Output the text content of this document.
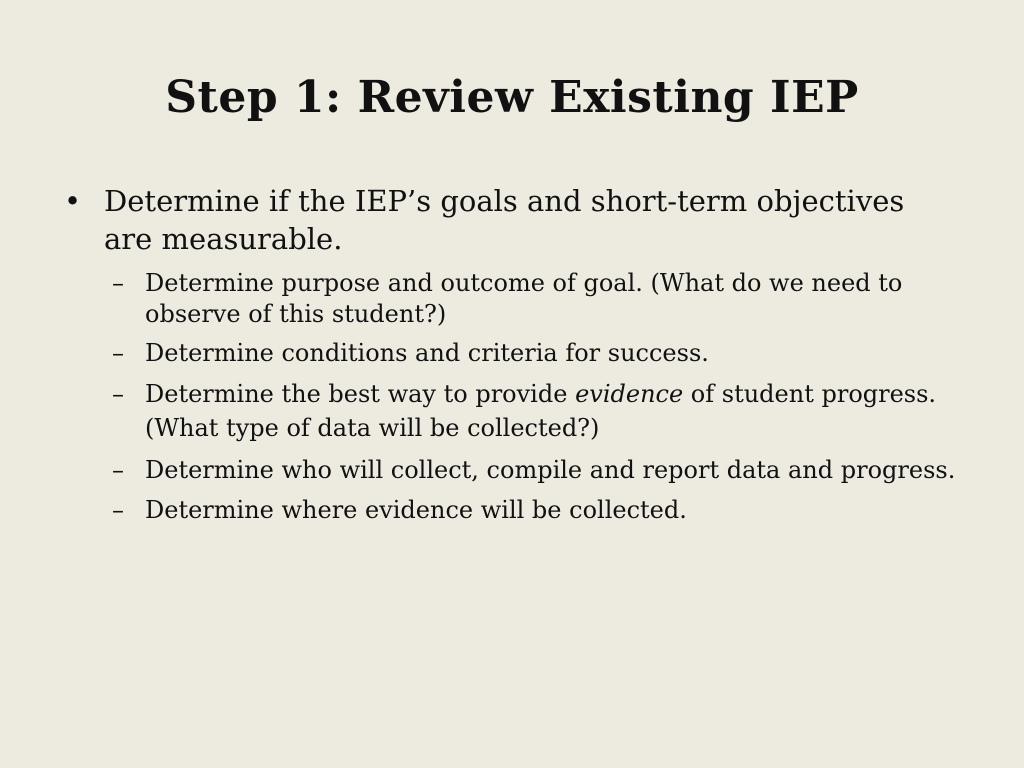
Step 1: Review Existing IEP
• Determine if the IEP’s goals and short-term objectives are measurable.
– Determine purpose and outcome of goal. (What do we need to observe of this student?)
– Determine conditions and criteria for success.
– Determine the best way to provide evidence of student progress. (What type of data will be collected?)
– Determine who will collect, compile and report data and progress.
– Determine where evidence will be collected.
